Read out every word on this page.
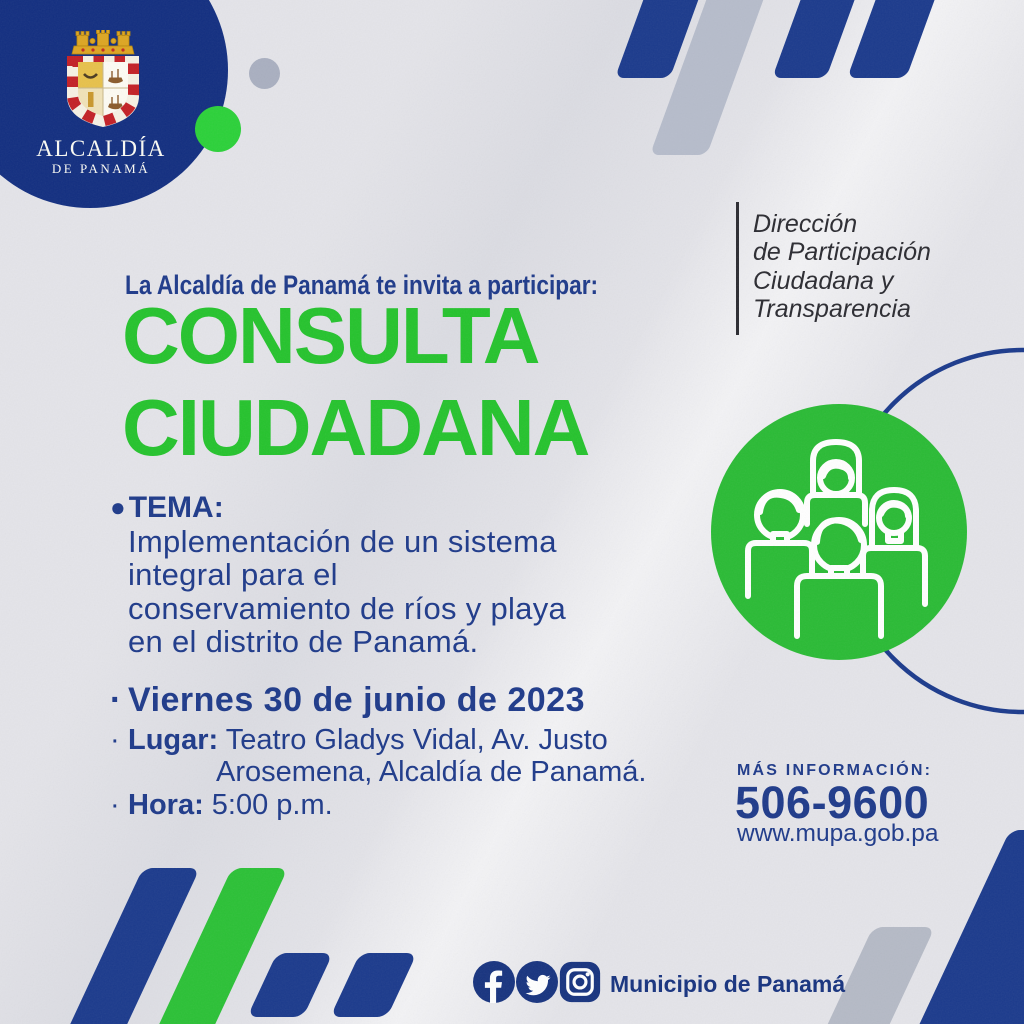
ALCALDÍA
DE PANAMÁ
Dirección
de Participación
Ciudadana y
Transparencia
La Alcaldía de Panamá te invita a participar:
CONSULTA
CIUDADANA
● TEMA:
Implementación de un sistema
integral para el
conservamiento de ríos y playa
en el distrito de Panamá.
· Viernes 30 de junio de 2023
· Lugar: Teatro Gladys Vidal, Av. Justo
Arosemena, Alcaldía de Panamá.
· Hora: 5:00 p.m.
MÁS INFORMACIÓN:
506-9600
www.mupa.gob.pa
Municipio de Panamá
